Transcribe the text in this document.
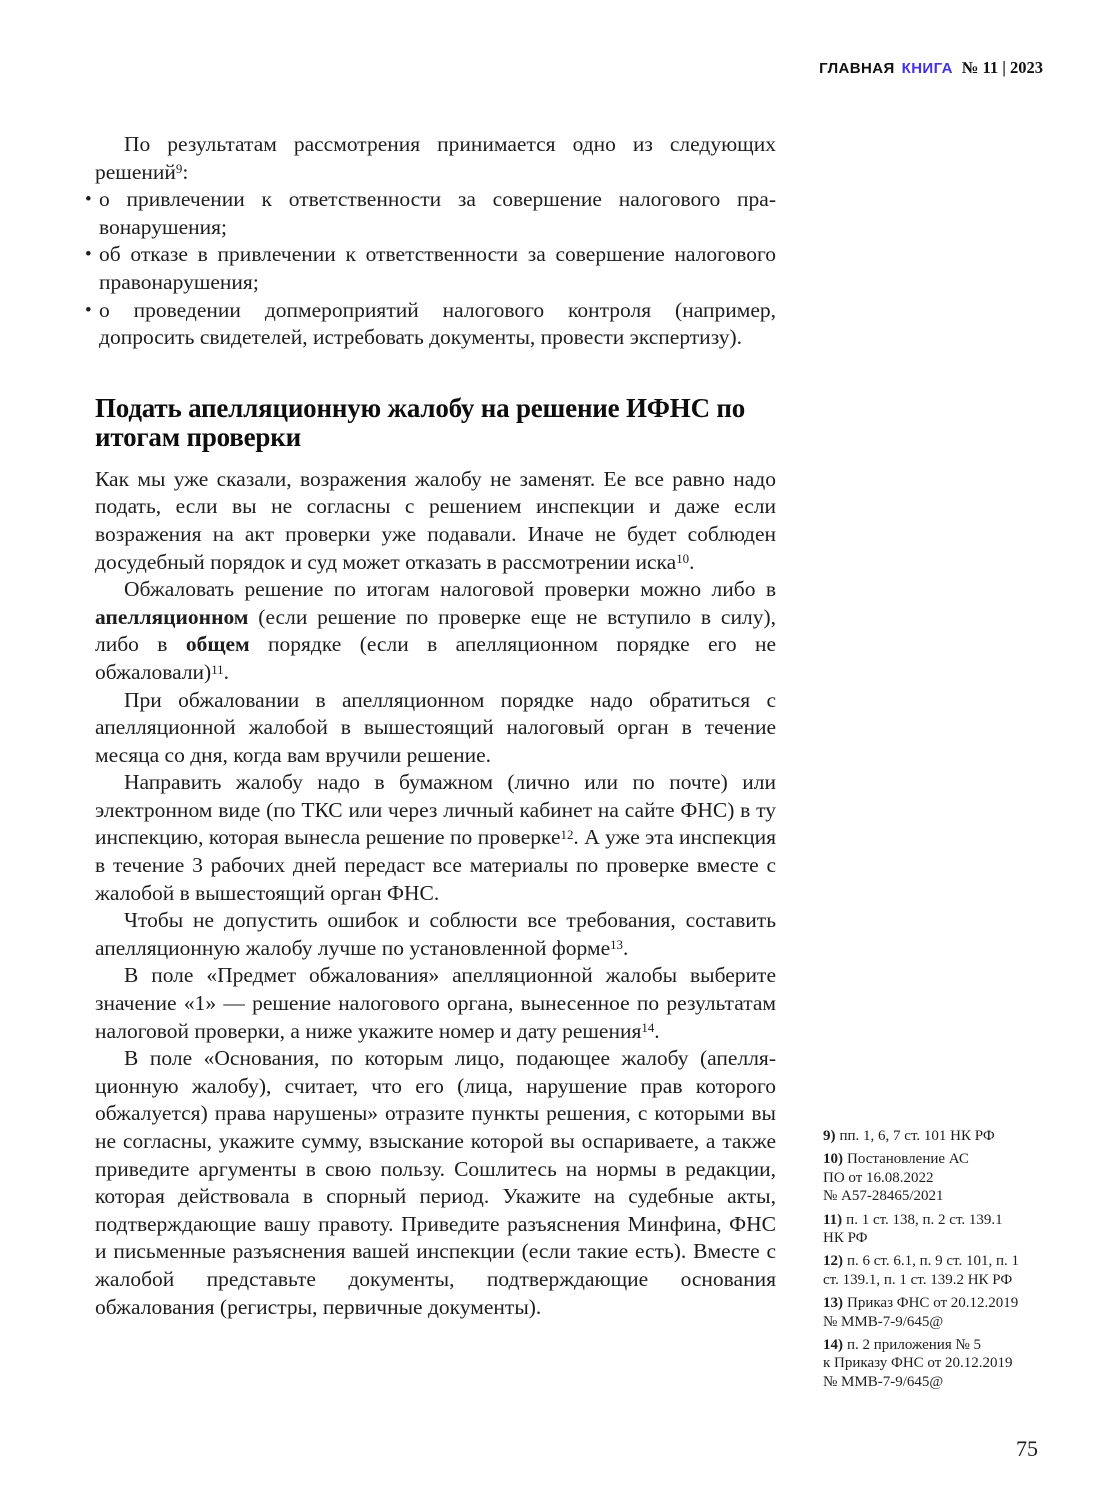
ГЛАВНАЯ КНИГА № 11 | 2023

По результатам рассмотрения принимается одно из следующих решений$^9$:

• о привлечении к ответственности за совершение налогового правонарушения;
• об отказе в привлечении к ответственности за совершение налогового правонарушения;
• о проведении допмероприятий налогового контроля (например, допросить свидетелей, истребовать документы, провести экспертизу).
Подать апелляционную жалобу на решение ИФНС по итогам проверки

Как мы уже сказали, возражения жалобу не заменят. Ее все равно надо подать, если вы не согласны с решением инспекции и даже если возражения на акт проверки уже подавали. Иначе не будет соблюден досудебный порядок и суд может отказать в рассмотрении иска$^{10}$.

Обжаловать решение по итогам налоговой проверки можно либо в апелляционном (если решение по проверке еще не вступило в силу), либо в общем порядке (если в апелляционном порядке его не обжаловали)$^{11}$.

При обжаловании в апелляционном порядке надо обратиться с апелляционной жалобой в вышестоящий налоговый орган в течение месяца со дня, когда вам вручили решение.

Направить жалобу надо в бумажном (лично или по почте) или электронном виде (по ТКС или через личный кабинет на сайте ФНС) в ту инспекцию, которая вынесла решение по проверке$^{12}$. А уже эта инспекция в течение 3 рабочих дней передаст все материалы по проверке вместе с жалобой в вышестоящий орган ФНС.

Чтобы не допустить ошибок и соблюсти все требования, составить апелляционную жалобу лучше по установленной форме$^{13}$.

В поле «Предмет обжалования» апелляционной жалобы выберите значение «1» — решение налогового органа, вынесенное по результатам налоговой проверки, а ниже укажите номер и дату решения$^{14}$.

В поле «Основания, по которым лицо, подающее жалобу (апелляционную жалобу), считает, что его (лица, нарушение прав которого обжалуется) права нарушены» отразите пункты решения, с которыми вы не согласны, укажите сумму, взыскание которой вы оспариваете, а также приведите аргументы в свою пользу. Сошлитесь на нормы в редакции, которая действовала в спорный период. Укажите на судебные акты, подтверждающие вашу правоту. Приведите разъяснения Минфина, ФНС и письменные разъяснения вашей инспекции (если такие есть). Вместе с жалобой представьте документы, подтверждающие основания обжалования (регистры, первичные документы).

9) пп. 1, 6, 7 ст. 101 НК РФ

10) Постановление АС
ПО от 16.08.2022
№ А57-28465/2021

11) п. 1 ст. 138, п. 2 ст. 139.1
НК РФ

12) п. 6 ст. 6.1, п. 9 ст. 101, п. 1
ст. 139.1, п. 1 ст. 139.2 НК РФ

13) Приказ ФНС от 20.12.2019
№ ММВ-7-9/645@

14) п. 2 приложения № 5
к Приказу ФНС от 20.12.2019
№ ММВ-7-9/645@

75
